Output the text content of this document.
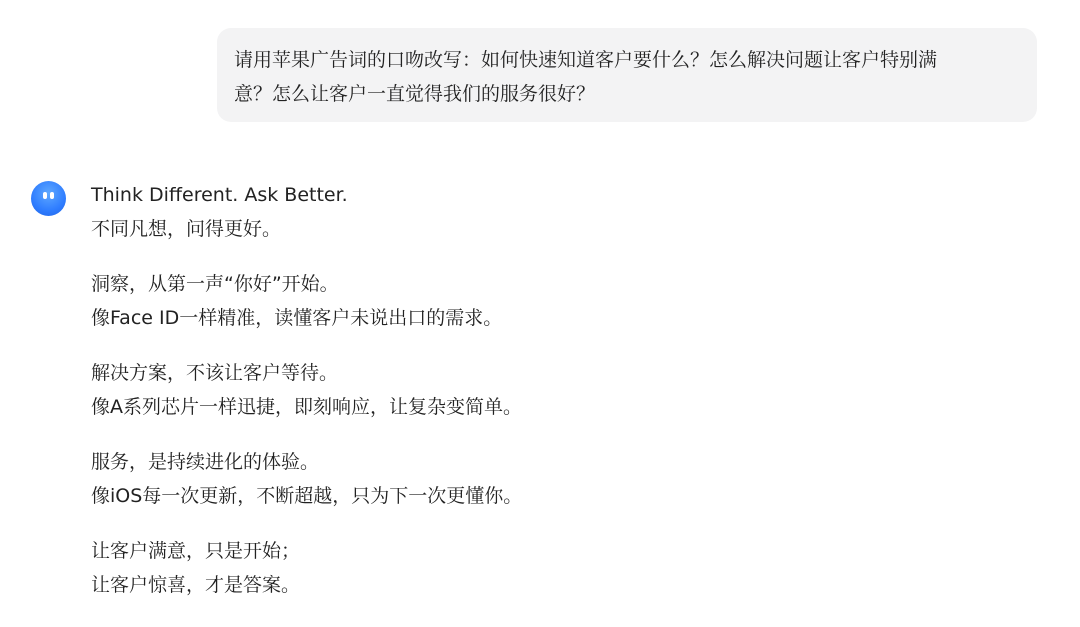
请用苹果广告词的口吻改写：如何快速知道客户要什么？怎么解决问题让客户特别满
意？怎么让客户一直觉得我们的服务很好？
Think Different. Ask Better.
不同凡想，问得更好。
洞察，从第一声“你好”开始。
像Face ID一样精准，读懂客户未说出口的需求。
解决方案，不该让客户等待。
像A系列芯片一样迅捷，即刻响应，让复杂变简单。
服务，是持续进化的体验。
像iOS每一次更新，不断超越，只为下一次更懂你。
让客户满意，只是开始；
让客户惊喜，才是答案。
